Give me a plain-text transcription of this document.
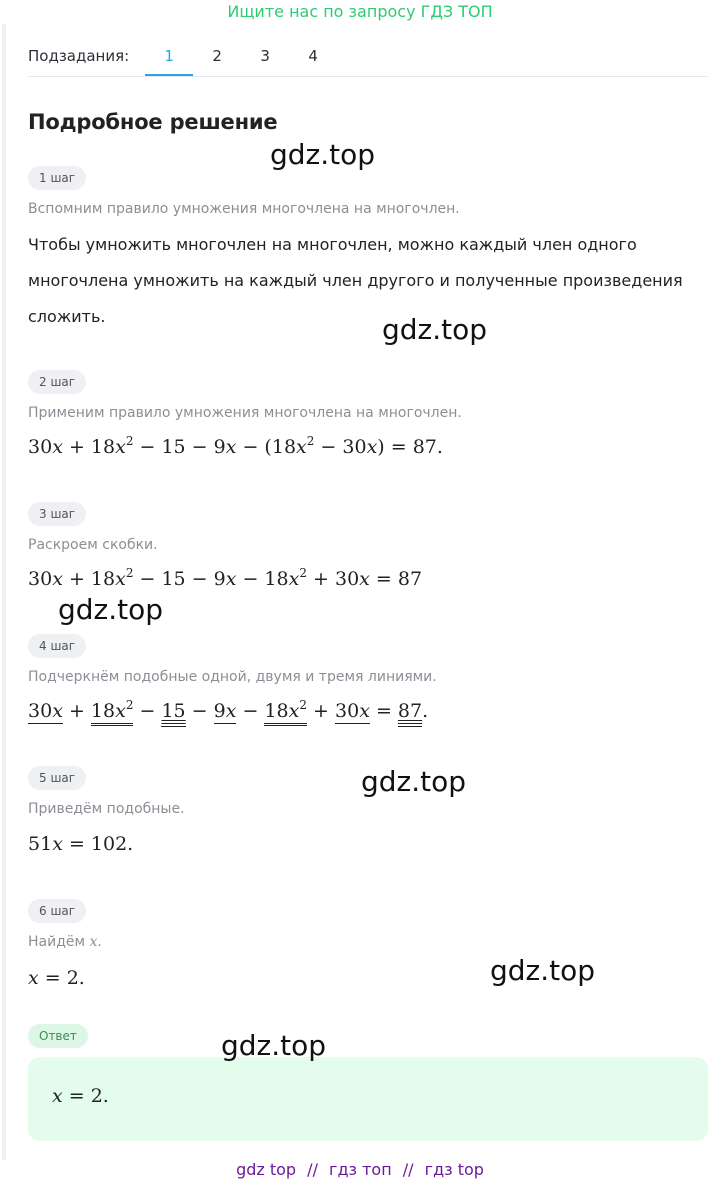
Ищите нас по запросу ГДЗ ТОП
Подзадания:	1	2	3	4
Подробное решение
1 шаг
Вспомним правило умножения многочлена на многочлен.
Чтобы умножить многочлен на многочлен, можно каждый член одного многочлена умножить на каждый член другого и полученные произведения сложить.
2 шаг
Применим правило умножения многочлена на многочлен.
$30x + 18x^2 - 15 - 9x - (18x^2 - 30x) = 87$.
3 шаг
Раскроем скобки.
$30x + 18x^2 - 15 - 9x - 18x^2 + 30x = 87$
4 шаг
Подчеркнём подобные одной, двумя и тремя линиями.
$30x + 18x^2 - 15 - 9x - 18x^2 + 30x = 87$.
5 шаг
Приведём подобные.
51x = 102.
6 шаг
Найдём x.
x = 2.
Ответ
x = 2.
gdz.top
gdz.top
gdz.top
gdz.top
gdz.top
gdz.top
gdz top // гдз топ // гдз top
